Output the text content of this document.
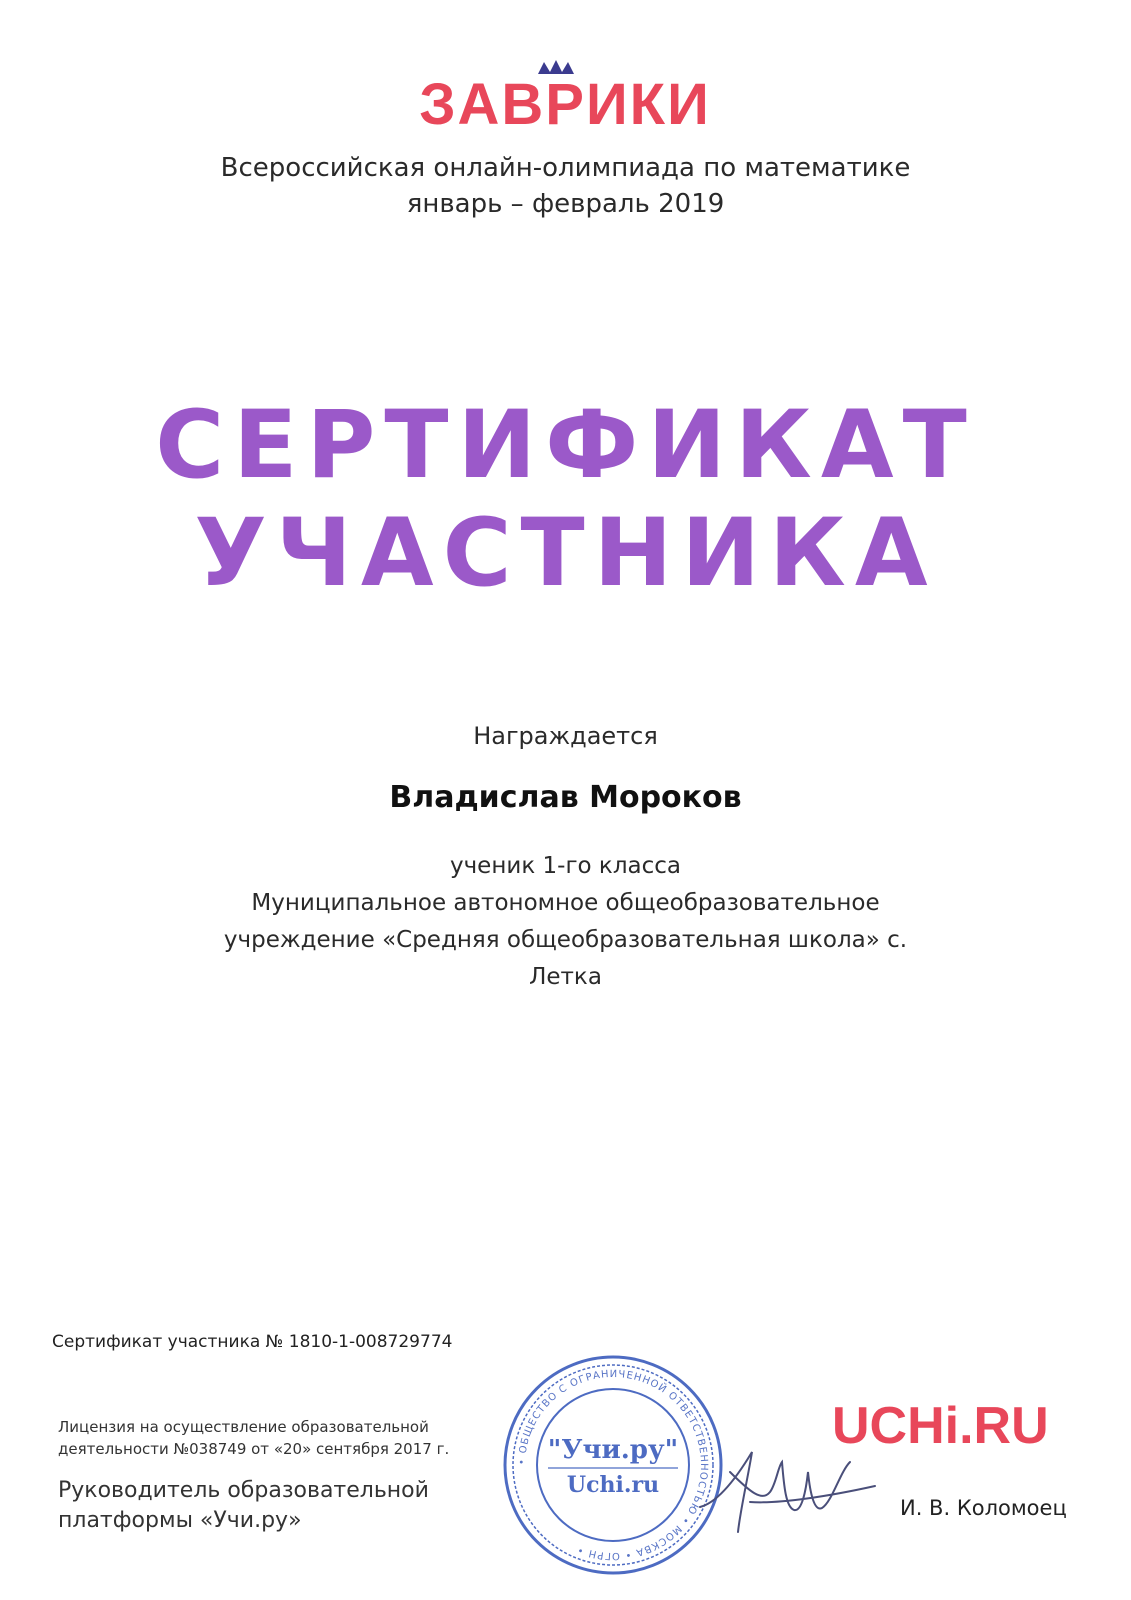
ЗАВРИКИ
Всероссийская онлайн-олимпиада по математике
январь – февраль 2019
СЕРТИФИКАТ
УЧАСТНИКА
Награждается
Владислав Мороков
ученик 1-го класса
Муниципальное автономное общеобразовательное
учреждение «Средняя общеобразовательная школа» с.
Летка
Сертификат участника № 1810-1-008729774
Лицензия на осуществление образовательной
деятельности №038749 от «20» сентября 2017 г.
Руководитель образовательной
платформы «Учи.ру»
• ОБЩЕСТВО С ОГРАНИЧЕННОЙ ОТВЕТСТВЕННОСТЬЮ • МОСКВА • ОГРН •
"Учи.ру"
Uchi.ru
UCHi.RU
И. В. Коломоец
